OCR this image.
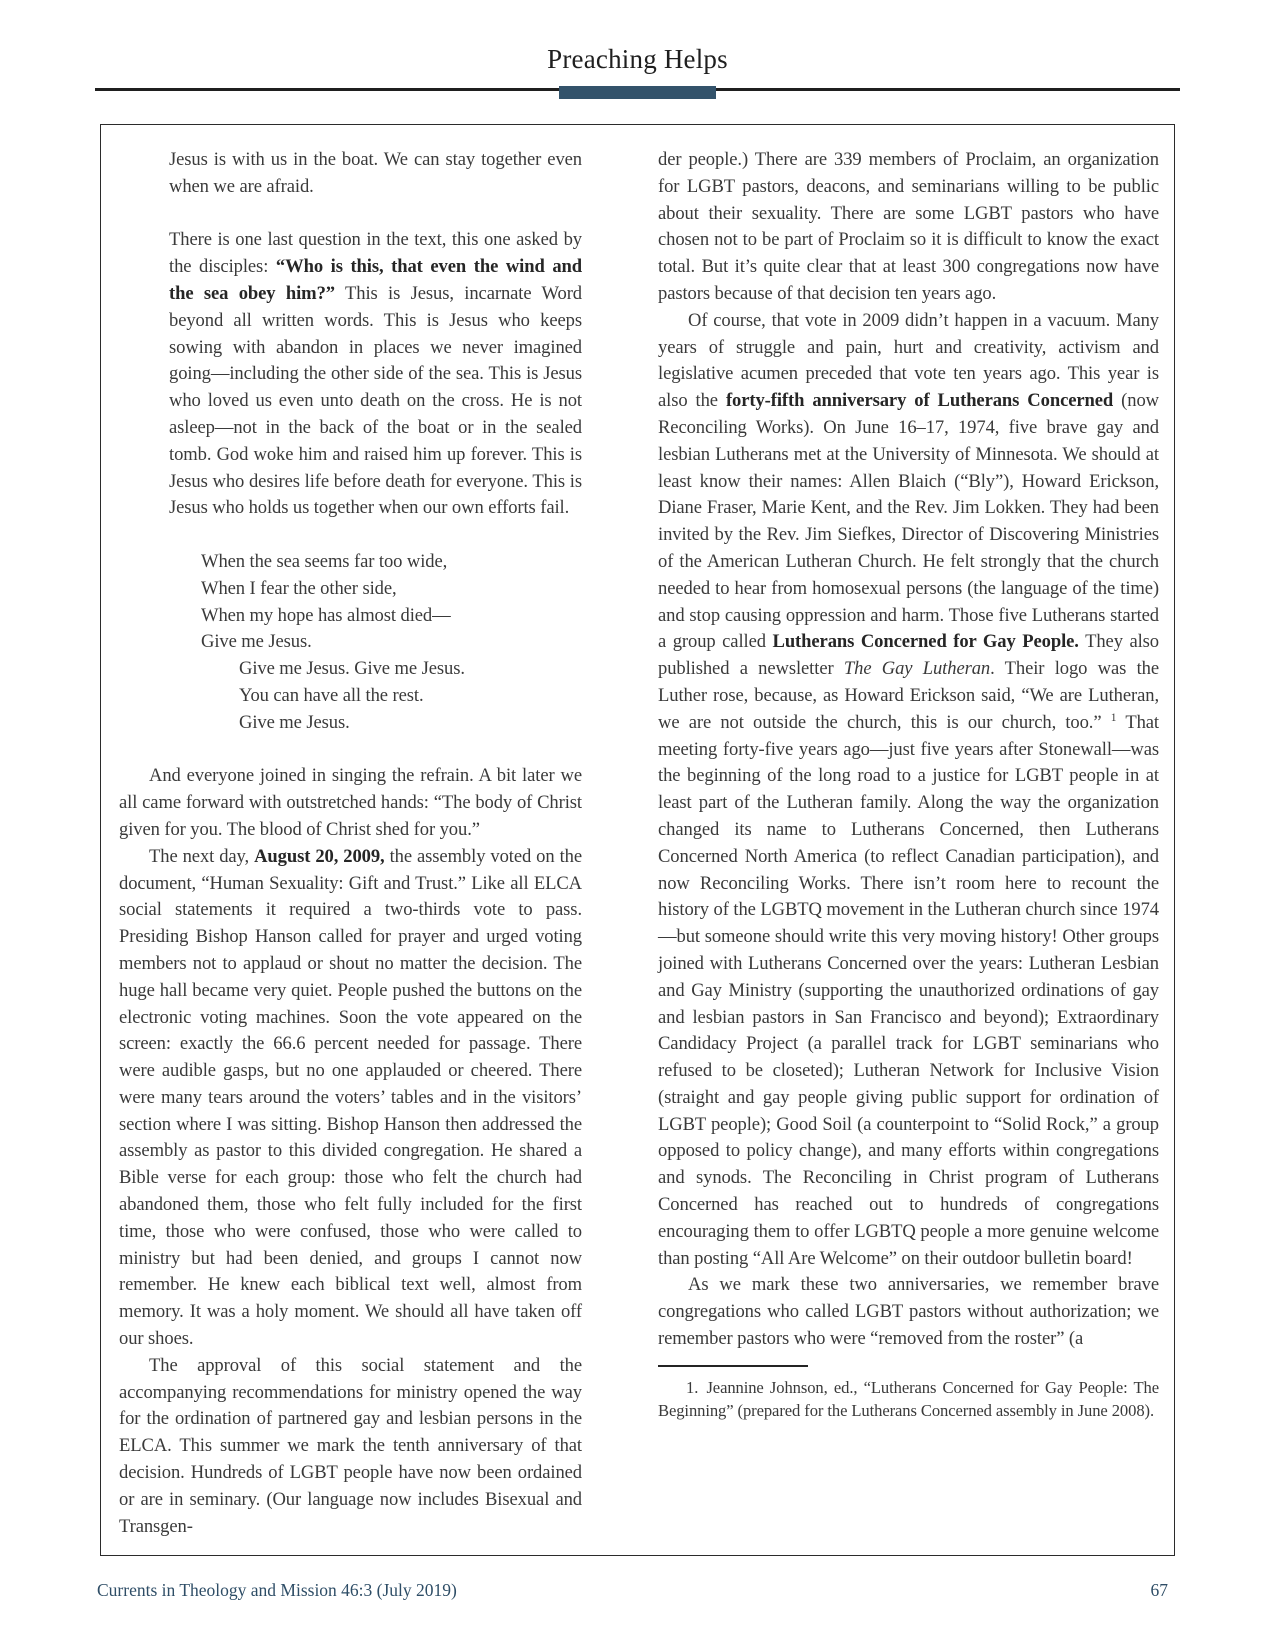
Preaching Helps

Jesus is with us in the boat. We can stay together even when we are afraid.

There is one last question in the text, this one asked by the disciples: “Who is this, that even the wind and the sea obey him?” This is Jesus, incarnate Word beyond all written words. This is Jesus who keeps sowing with abandon in places we never imagined going—including the other side of the sea. This is Jesus who loved us even unto death on the cross. He is not asleep—not in the back of the boat or in the sealed tomb. God woke him and raised him up forever. This is Jesus who desires life before death for everyone. This is Jesus who holds us together when our own efforts fail.

When the sea seems far too wide,
When I fear the other side,
When my hope has almost died—
Give me Jesus.
Give me Jesus. Give me Jesus.
You can have all the rest.
Give me Jesus.

And everyone joined in singing the refrain. A bit later we all came forward with outstretched hands: “The body of Christ given for you. The blood of Christ shed for you.”

The next day, August 20, 2009, the assembly voted on the document, “Human Sexuality: Gift and Trust.” Like all ELCA social statements it required a two-thirds vote to pass. Presiding Bishop Hanson called for prayer and urged voting members not to applaud or shout no matter the decision. The huge hall became very quiet. People pushed the buttons on the electronic voting machines. Soon the vote appeared on the screen: exactly the 66.6 percent needed for passage. There were audible gasps, but no one applauded or cheered. There were many tears around the voters’ tables and in the visitors’ section where I was sitting. Bishop Hanson then addressed the assembly as pastor to this divided congregation. He shared a Bible verse for each group: those who felt the church had abandoned them, those who felt fully included for the first time, those who were confused, those who were called to ministry but had been denied, and groups I cannot now remember. He knew each biblical text well, almost from memory. It was a holy moment. We should all have taken off our shoes.

The approval of this social statement and the accompanying recommendations for ministry opened the way for the ordination of partnered gay and lesbian persons in the ELCA. This summer we mark the tenth anniversary of that decision. Hundreds of LGBT people have now been ordained or are in seminary. (Our language now includes Bisexual and Transgen-

der people.) There are 339 members of Proclaim, an organization for LGBT pastors, deacons, and seminarians willing to be public about their sexuality. There are some LGBT pastors who have chosen not to be part of Proclaim so it is difficult to know the exact total. But it’s quite clear that at least 300 congregations now have pastors because of that decision ten years ago.

Of course, that vote in 2009 didn’t happen in a vacuum. Many years of struggle and pain, hurt and creativity, activism and legislative acumen preceded that vote ten years ago. This year is also the forty-fifth anniversary of Lutherans Concerned (now Reconciling Works). On June 16–17, 1974, five brave gay and lesbian Lutherans met at the University of Minnesota. We should at least know their names: Allen Blaich (“Bly”), Howard Erickson, Diane Fraser, Marie Kent, and the Rev. Jim Lokken. They had been invited by the Rev. Jim Siefkes, Director of Discovering Ministries of the American Lutheran Church. He felt strongly that the church needed to hear from homosexual persons (the language of the time) and stop causing oppression and harm. Those five Lutherans started a group called Lutherans Concerned for Gay People. They also published a newsletter The Gay Lutheran. Their logo was the Luther rose, because, as Howard Erickson said, “We are Lutheran, we are not outside the church, this is our church, too.” $^1$ That meeting forty-five years ago—just five years after Stonewall—was the beginning of the long road to a justice for LGBT people in at least part of the Lutheran family. Along the way the organization changed its name to Lutherans Concerned, then Lutherans Concerned North America (to reflect Canadian participation), and now Reconciling Works. There isn’t room here to recount the history of the LGBTQ movement in the Lutheran church since 1974—but someone should write this very moving history! Other groups joined with Lutherans Concerned over the years: Lutheran Lesbian and Gay Ministry (supporting the unauthorized ordinations of gay and lesbian pastors in San Francisco and beyond); Extraordinary Candidacy Project (a parallel track for LGBT seminarians who refused to be closeted); Lutheran Network for Inclusive Vision (straight and gay people giving public support for ordination of LGBT people); Good Soil (a counterpoint to “Solid Rock,” a group opposed to policy change), and many efforts within congregations and synods. The Reconciling in Christ program of Lutherans Concerned has reached out to hundreds of congregations encouraging them to offer LGBTQ people a more genuine welcome than posting “All Are Welcome” on their outdoor bulletin board!

As we mark these two anniversaries, we remember brave congregations who called LGBT pastors without authorization; we remember pastors who were “removed from the roster” (a

1. Jeannine Johnson, ed., “Lutherans Concerned for Gay People: The Beginning” (prepared for the Lutherans Concerned assembly in June 2008).

Currents in Theology and Mission 46:3 (July 2019)	67
